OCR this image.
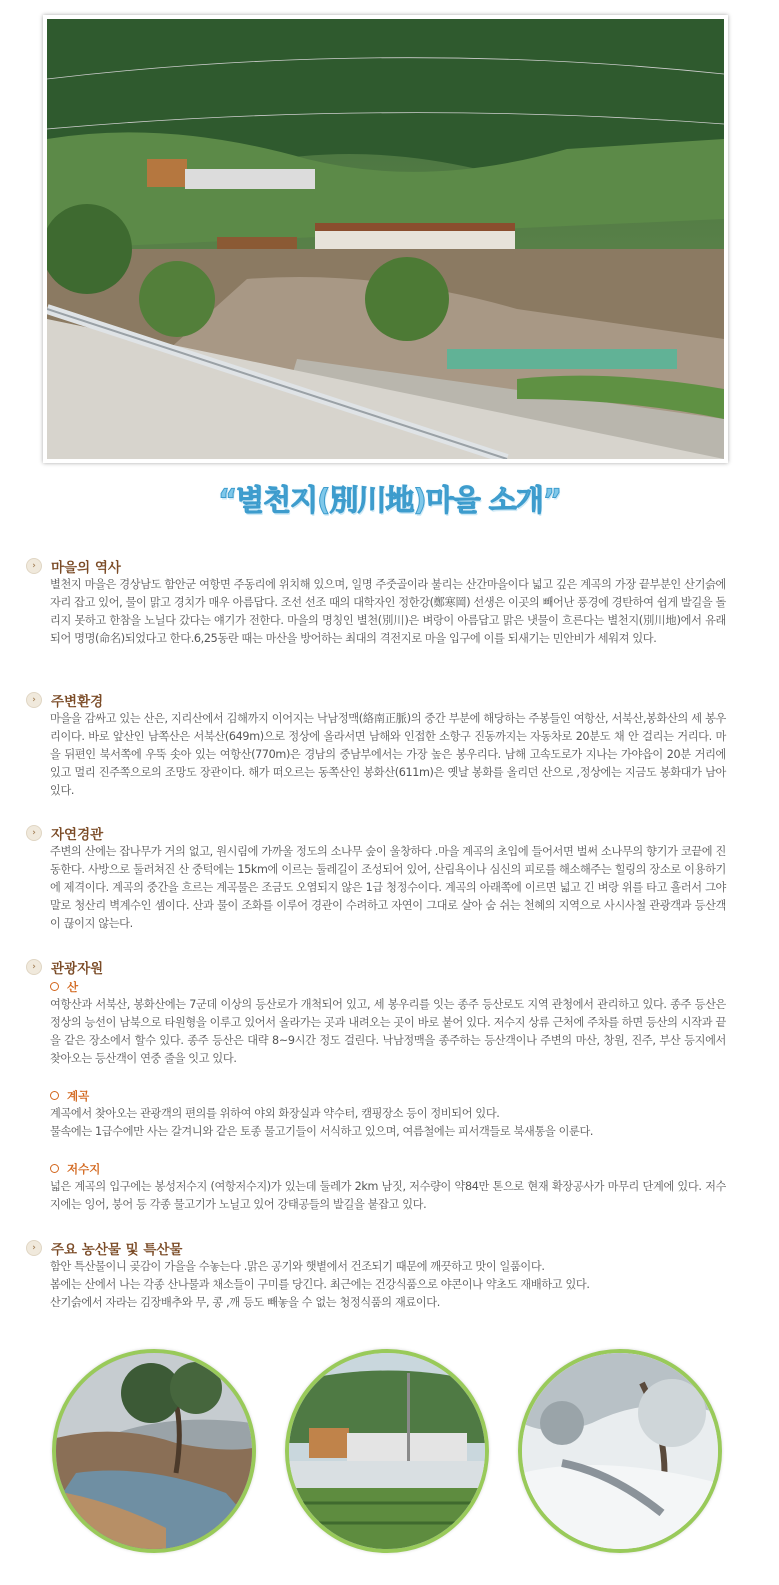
“별천지(別川地)마을 소개”
›	마을의 역사
별천지 마을은 경상남도 함안군 여항면 주동리에 위치해 있으며, 일명 주줏골이라 불리는 산간마을이다 넓고 깊은 계곡의 가장 끝부분인 산기슭에 자리 잡고 있어, 물이 맑고 경치가 매우 아름답다. 조선 선조 때의 대학자인 정한강(鄭寒岡) 선생은 이곳의 빼어난 풍경에 경탄하여 쉽게 발길을 돌리지 못하고 한참을 노닐다 갔다는 얘기가 전한다. 마을의 명칭인 별천(別川)은 벼랑이 아름답고 맑은 냇물이 흐른다는 별천지(別川地)에서 유래되어 명명(命名)되었다고 한다.6,25동란 때는 마산을 방어하는 최대의 격전지로 마을 입구에 이를 되새기는 민안비가 세워져 있다.
›	주변환경
마을을 감싸고 있는 산은, 지리산에서 김해까지 이어지는 낙남정맥(絡南正脈)의 중간 부분에 해당하는 주봉들인 여항산, 서북산,봉화산의 세 봉우리이다. 바로 앞산인 남쪽산은 서북산(649m)으로 정상에 올라서면 남해와 인접한 소항구 진동까지는 자동차로 20분도 채 안 걸리는 거리다. 마을 뒤편인 북서쪽에 우뚝 솟아 있는 여항산(770m)은 경남의 중남부에서는 가장 높은 봉우리다. 남해 고속도로가 지나는 가야읍이 20분 거리에 있고 멀리 진주쪽으로의 조망도 장관이다. 해가 떠오르는 동쪽산인 봉화산(611m)은 옛날 봉화를 올리던 산으로 ,정상에는 지금도 봉화대가 남아 있다.
›	자연경관
주변의 산에는 잡나무가 거의 없고, 원시림에 가까울 정도의 소나무 숲이 울창하다 .마을 계곡의 초입에 들어서면 벌써 소나무의 향기가 코끝에 진동한다. 사방으로 둘러쳐진 산 중턱에는 15km에 이르는 둘레길이 조성되어 있어, 산림욕이나 심신의 피로를 해소해주는 힐링의 장소로 이용하기에 제격이다. 계곡의 중간을 흐르는 계곡물은 조금도 오염되지 않은 1급 청정수이다. 계곡의 아래쪽에 이르면 넓고 긴 벼랑 위를 타고 흘러서 그야말로 청산리 벽계수인 셈이다. 산과 물이 조화를 이루어 경관이 수려하고 자연이 그대로 살아 숨 쉬는 천혜의 지역으로 사시사철 관광객과 등산객이 끊이지 않는다.
›	관광자원
산
여항산과 서북산, 봉화산에는 7군데 이상의 등산로가 개척되어 있고, 세 봉우리를 잇는 종주 등산로도 지역 관청에서 관리하고 있다. 종주 등산은 정상의 능선이 남북으로 타원형을 이루고 있어서 올라가는 곳과 내려오는 곳이 바로 붙어 있다. 저수지 상류 근처에 주차를 하면 등산의 시작과 끝을 같은 장소에서 할수 있다. 종주 등산은 대략 8~9시간 정도 걸린다. 낙남정맥을 종주하는 등산객이나 주변의 마산, 창원, 진주, 부산 등지에서 찾아오는 등산객이 연중 줄을 잇고 있다.
계곡

계곡에서 찾아오는 관광객의 편의를 위하여 야외 화장실과 약수터, 캠핑장소 등이 정비되어 있다.

물속에는 1급수에만 사는 갈겨니와 같은 토종 물고기들이 서식하고 있으며, 여름철에는 피서객들로 북새통을 이룬다.

저수지
넓은 계곡의 입구에는 봉성저수지 (여항저수지)가 있는데 둘레가 2km 남짓, 저수량이 약84만 톤으로 현재 확장공사가 마무리 단계에 있다. 저수지에는 잉어, 붕어 등 각종 물고기가 노닐고 있어 강태공들의 발길을 붙잡고 있다.
›	주요 농산물 및 특산물

함안 특산물이니 곶감이 가을을 수놓는다 .맑은 공기와 햇볕에서 건조되기 때문에 깨끗하고 맛이 일품이다.

봄에는 산에서 나는 각종 산나물과 채소들이 구미를 당긴다. 최근에는 건강식품으로 야콘이나 약초도 재배하고 있다.

산기슭에서 자라는 김장배추와 무, 콩 ,깨 등도 빼놓을 수 없는 청정식품의 재료이다.
